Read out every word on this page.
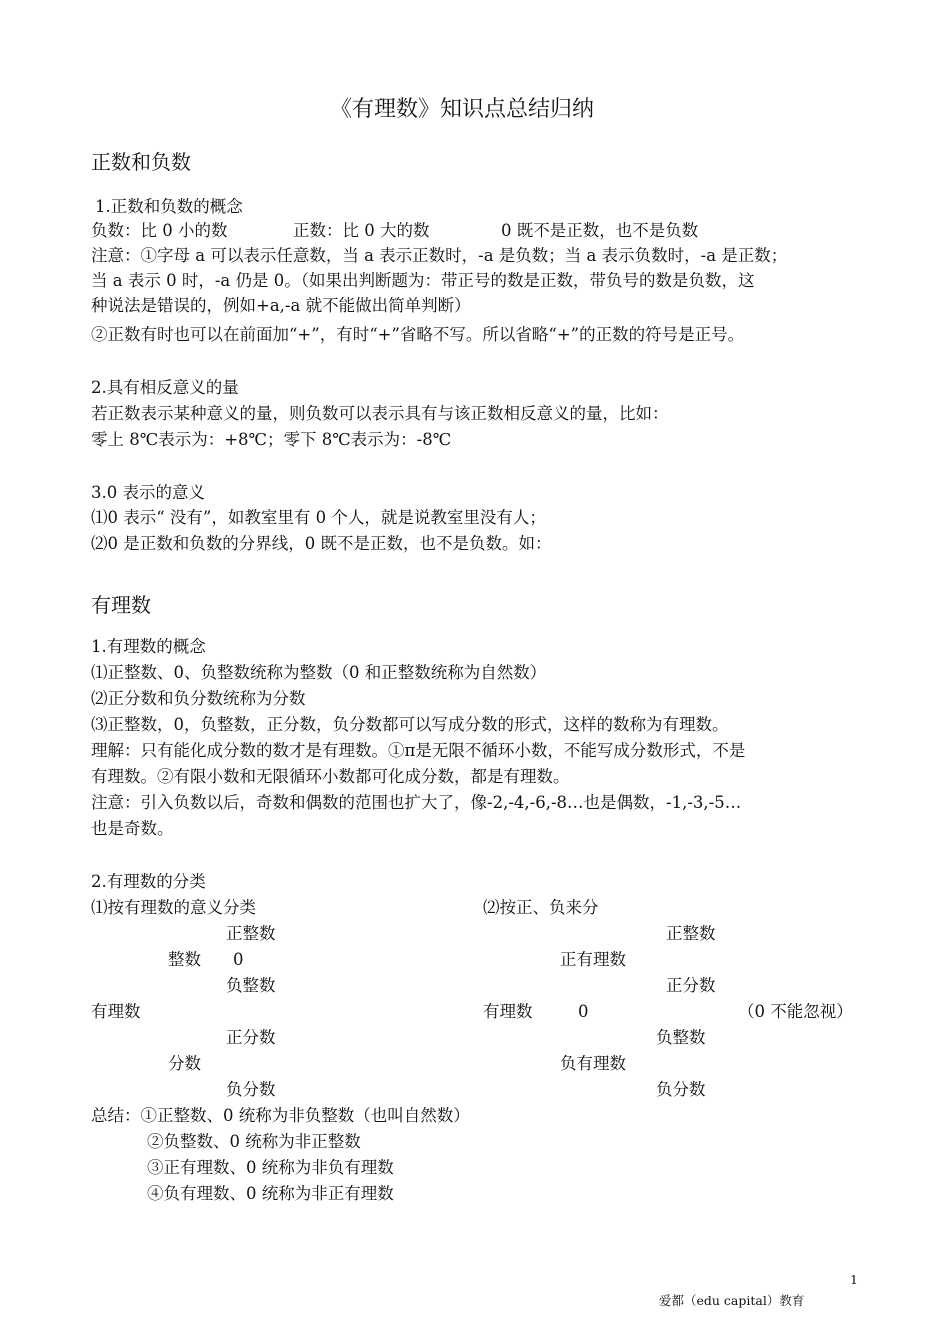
《有理数》知识点总结归纳
正数和负数
1.正数和负数的概念
负数：比 0 小的数	正数：比 0 大的数	0 既不是正数，也不是负数
注意：①字母 a 可以表示任意数，当 a 表示正数时，-a 是负数；当 a 表示负数时，-a 是正数；
当 a 表示 0 时，-a 仍是 0。（如果出判断题为：带正号的数是正数，带负号的数是负数，这
种说法是错误的，例如+a,-a 就不能做出简单判断）
②正数有时也可以在前面加“+”，有时“+”省略不写。所以省略“+”的正数的符号是正号。
2.具有相反意义的量
若正数表示某种意义的量，则负数可以表示具有与该正数相反意义的量，比如：
零上 8℃表示为：+8℃；零下 8℃表示为：-8℃
3.0 表示的意义
⑴0 表示“ 没有”，如教室里有 0 个人，就是说教室里没有人；
⑵0 是正数和负数的分界线，0 既不是正数，也不是负数。如：
有理数
1.有理数的概念
⑴正整数、0、负整数统称为整数（0 和正整数统称为自然数）
⑵正分数和负分数统称为分数
⑶正整数，0，负整数，正分数，负分数都可以写成分数的形式，这样的数称为有理数。
理解：只有能化成分数的数才是有理数。①π是无限不循环小数，不能写成分数形式，不是
有理数。②有限小数和无限循环小数都可化成分数，都是有理数。
注意：引入负数以后，奇数和偶数的范围也扩大了，像-2,-4,-6,-8…也是偶数，-1,-3,-5…
也是奇数。
2.有理数的分类
⑴按有理数的意义分类
正整数
整数 0
负整数
有理数
正分数
分数
负分数
⑵按正、负来分
正整数
正有理数
正分数
有理数	0	（0 不能忽视）
负整数
负有理数
负分数
总结：①正整数、0 统称为非负整数（也叫自然数）
②负整数、0 统称为非正整数
③正有理数、0 统称为非负有理数
④负有理数、0 统称为非正有理数
1
爱都（edu capital）教育
